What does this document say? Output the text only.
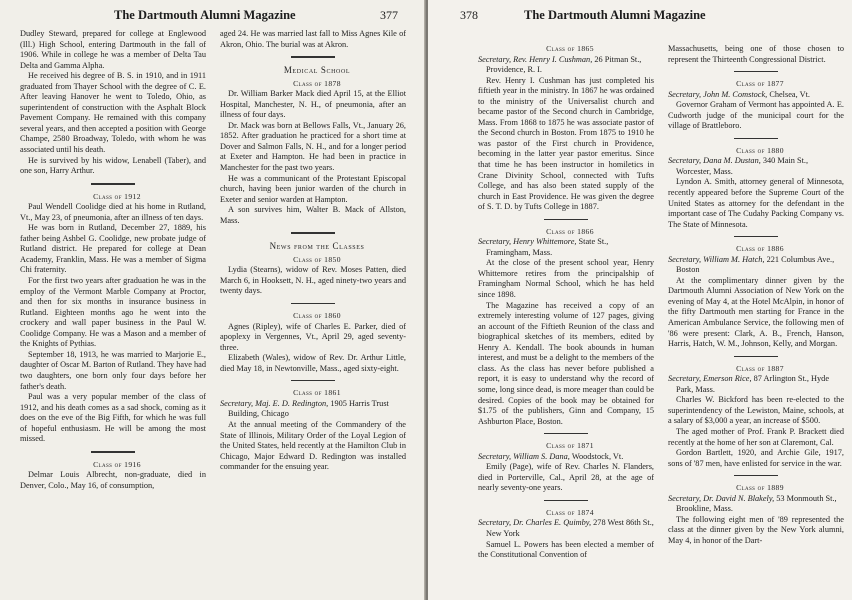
The Dartmouth Alumni Magazine	377

Dudley Steward, prepared for college at Englewood (Ill.) High School, entering Dartmouth in the fall of 1906. While in college he was a member of Delta Tau Delta and Gamma Alpha.

He received his degree of B. S. in 1910, and in 1911 graduated from Thayer School with the degree of C. E. After leaving Hanover he went to Toledo, Ohio, as superintendent of construction with the Asphalt Block Pavement Company. He remained with this company several years, and then accepted a position with George Champe, 2580 Broadway, Toledo, with whom he was associated until his death.

He is survived by his widow, Lenabell (Taber), and one son, Harry Arthur.

Class of 1912

Paul Wendell Coolidge died at his home in Rutland, Vt., May 23, of pneumonia, after an illness of ten days.

He was born in Rutland, December 27, 1889, his father being Ashbel G. Coolidge, new probate judge of Rutland district. He prepared for college at Dean Academy, Franklin, Mass. He was a member of Sigma Chi fraternity.

For the first two years after graduation he was in the employ of the Vermont Marble Company at Proctor, and then for six months in insurance business in Rutland. Eighteen months ago he went into the crockery and wall paper business in the Paul W. Coolidge Company. He was a Mason and a member of the Knights of Pythias.

September 18, 1913, he was married to Marjorie E., daughter of Oscar M. Barton of Rutland. They have had two daughters, one born only four days before her father's death.

Paul was a very popular member of the class of 1912, and his death comes as a sad shock, coming as it does on the eve of the Big Fifth, for which he was full of hopeful enthusiasm. He will be among the most missed.

Class of 1916

Delmar Louis Albrecht, non-graduate, died in Denver, Colo., May 16, of consumption,

aged 24. He was married last fall to Miss Agnes Kile of Akron, Ohio. The burial was at Akron.

Medical School

Class of 1878

Dr. William Barker Mack died April 15, at the Elliot Hospital, Manchester, N. H., of pneumonia, after an illness of four days.

Dr. Mack was born at Bellows Falls, Vt., January 26, 1852. After graduation he practiced for a short time at Dover and Salmon Falls, N. H., and for a longer period at Exeter and Hampton. He had been in practice in Manchester for the past two years.

He was a communicant of the Protestant Episcopal church, having been junior warden of the church in Exeter and senior warden at Hampton.

A son survives him, Walter B. Mack of Allston, Mass.

News from the Classes

Class of 1850

Lydia (Stearns), widow of Rev. Moses Patten, died March 6, in Hooksett, N. H., aged ninety-two years and twenty days.

Class of 1860

Agnes (Ripley), wife of Charles E. Parker, died of apoplexy in Vergennes, Vt., April 29, aged seventy-three.

Elizabeth (Wales), widow of Rev. Dr. Arthur Little, died May 18, in Newtonville, Mass., aged sixty-eight.

Class of 1861

Secretary, Maj. E. D. Redington, 1905 Harris Trust Building, Chicago

At the annual meeting of the Commandery of the State of Illinois, Military Order of the Loyal Legion of the United States, held recently at the Hamilton Club in Chicago, Major Edward D. Redington was installed commander for the ensuing year.

378	The Dartmouth Alumni Magazine

Class of 1865

Secretary, Rev. Henry I. Cushman, 26 Pitman St., Providence, R. I.

Rev. Henry I. Cushman has just completed his fiftieth year in the ministry. In 1867 he was ordained to the ministry of the Universalist church and became pastor of the Second church in Cambridge, Mass. From 1868 to 1875 he was associate pastor of the Second church in Boston. From 1875 to 1910 he was pastor of the First church in Providence, becoming in the latter year pastor emeritus. Since that time he has been instructor in homiletics in Crane Divinity School, connected with Tufts College, and has also been stated supply of the church in East Providence. He was given the degree of S. T. D. by Tufts College in 1887.

Class of 1866

Secretary, Henry Whittemore, State St., Framingham, Mass.

At the close of the present school year, Henry Whittemore retires from the principalship of Framingham Normal School, which he has held since 1898.

The Magazine has received a copy of an extremely interesting volume of 127 pages, giving an account of the Fiftieth Reunion of the class and biographical sketches of its members, edited by Henry A. Kendall. The book abounds in human interest, and must be a delight to the members of the class. As the class has never before published a report, it is easy to understand why the record of some, long since dead, is more meager than could be desired. Copies of the book may be obtained for $1.75 of the publishers, Ginn and Company, 15 Ashburton Place, Boston.

Class of 1871

Secretary, William S. Dana, Woodstock, Vt.

Emily (Page), wife of Rev. Charles N. Flanders, died in Porterville, Cal., April 28, at the age of nearly seventy-one years.

Class of 1874

Secretary, Dr. Charles E. Quimby, 278 West 86th St., New York

Samuel L. Powers has been elected a member of the Constitutional Convention of

Massachusetts, being one of those chosen to represent the Thirteenth Congressional District.

Class of 1877

Secretary, John M. Comstock, Chelsea, Vt.

Governor Graham of Vermont has appointed A. E. Cudworth judge of the municipal court for the village of Brattleboro.

Class of 1880

Secretary, Dana M. Dustan, 340 Main St., Worcester, Mass.

Lyndon A. Smith, attorney general of Minnesota, recently appeared before the Supreme Court of the United States as attorney for the defendant in the important case of The Cudahy Packing Company vs. The State of Minnesota.

Class of 1886

Secretary, William M. Hatch, 221 Columbus Ave., Boston

At the complimentary dinner given by the Dartmouth Alumni Association of New York on the evening of May 4, at the Hotel McAlpin, in honor of the fifty Dartmouth men starting for France in the American Ambulance Service, the following men of '86 were present: Clark, A. B., French, Hanson, Harris, Hatch, W. M., Johnson, Kelly, and Morgan.

Class of 1887

Secretary, Emerson Rice, 87 Arlington St., Hyde Park, Mass.

Charles W. Bickford has been re-elected to the superintendency of the Lewiston, Maine, schools, at a salary of $3,000 a year, an increase of $500.

The aged mother of Prof. Frank P. Brackett died recently at the home of her son at Claremont, Cal.

Gordon Bartlett, 1920, and Archie Gile, 1917, sons of '87 men, have enlisted for service in the war.

Class of 1889

Secretary, Dr. David N. Blakely, 53 Monmouth St., Brookline, Mass.

The following eight men of '89 represented the class at the dinner given by the New York alumni, May 4, in honor of the Dart-
